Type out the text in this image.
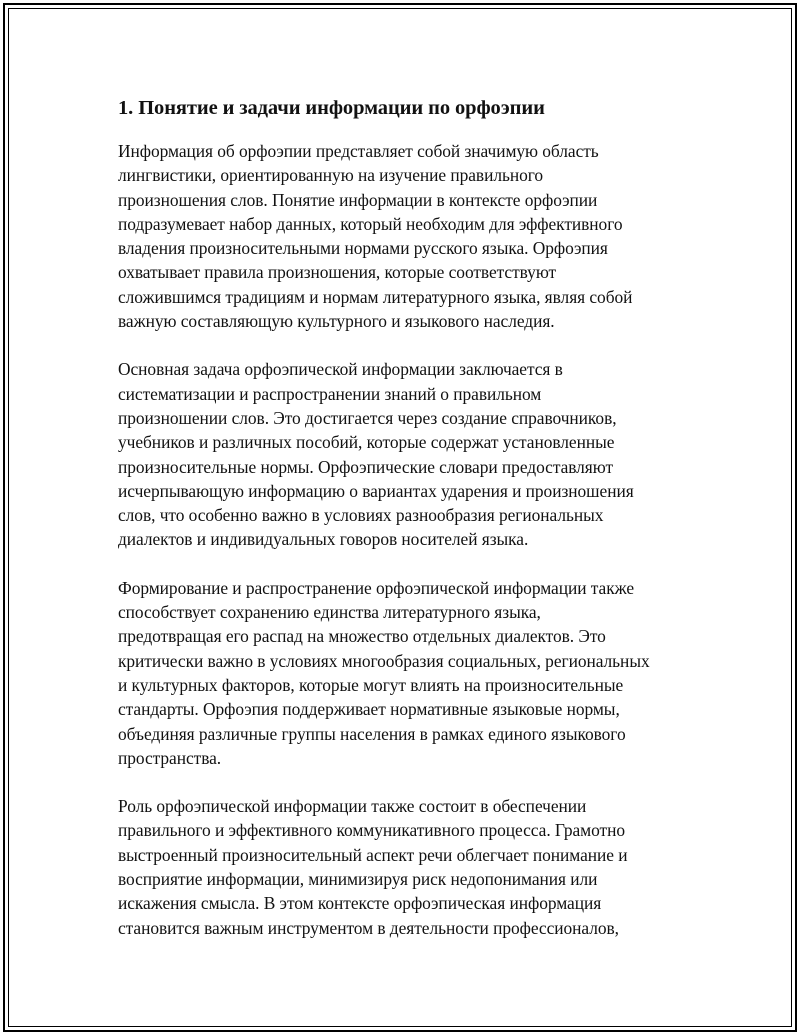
1. Понятие и задачи информации по орфоэпии

Информация об орфоэпии представляет собой значимую область
лингвистики, ориентированную на изучение правильного
произношения слов. Понятие информации в контексте орфоэпии
подразумевает набор данных, который необходим для эффективного
владения произносительными нормами русского языка. Орфоэпия
охватывает правила произношения, которые соответствуют
сложившимся традициям и нормам литературного языка, являя собой
важную составляющую культурного и языкового наследия.

Основная задача орфоэпической информации заключается в
систематизации и распространении знаний о правильном
произношении слов. Это достигается через создание справочников,
учебников и различных пособий, которые содержат установленные
произносительные нормы. Орфоэпические словари предоставляют
исчерпывающую информацию о вариантах ударения и произношения
слов, что особенно важно в условиях разнообразия региональных
диалектов и индивидуальных говоров носителей языка.

Формирование и распространение орфоэпической информации также
способствует сохранению единства литературного языка,
предотвращая его распад на множество отдельных диалектов. Это
критически важно в условиях многообразия социальных, региональных
и культурных факторов, которые могут влиять на произносительные
стандарты. Орфоэпия поддерживает нормативные языковые нормы,
объединяя различные группы населения в рамках единого языкового
пространства.

Роль орфоэпической информации также состоит в обеспечении
правильного и эффективного коммуникативного процесса. Грамотно
выстроенный произносительный аспект речи облегчает понимание и
восприятие информации, минимизируя риск недопонимания или
искажения смысла. В этом контексте орфоэпическая информация
становится важным инструментом в деятельности профессионалов,
